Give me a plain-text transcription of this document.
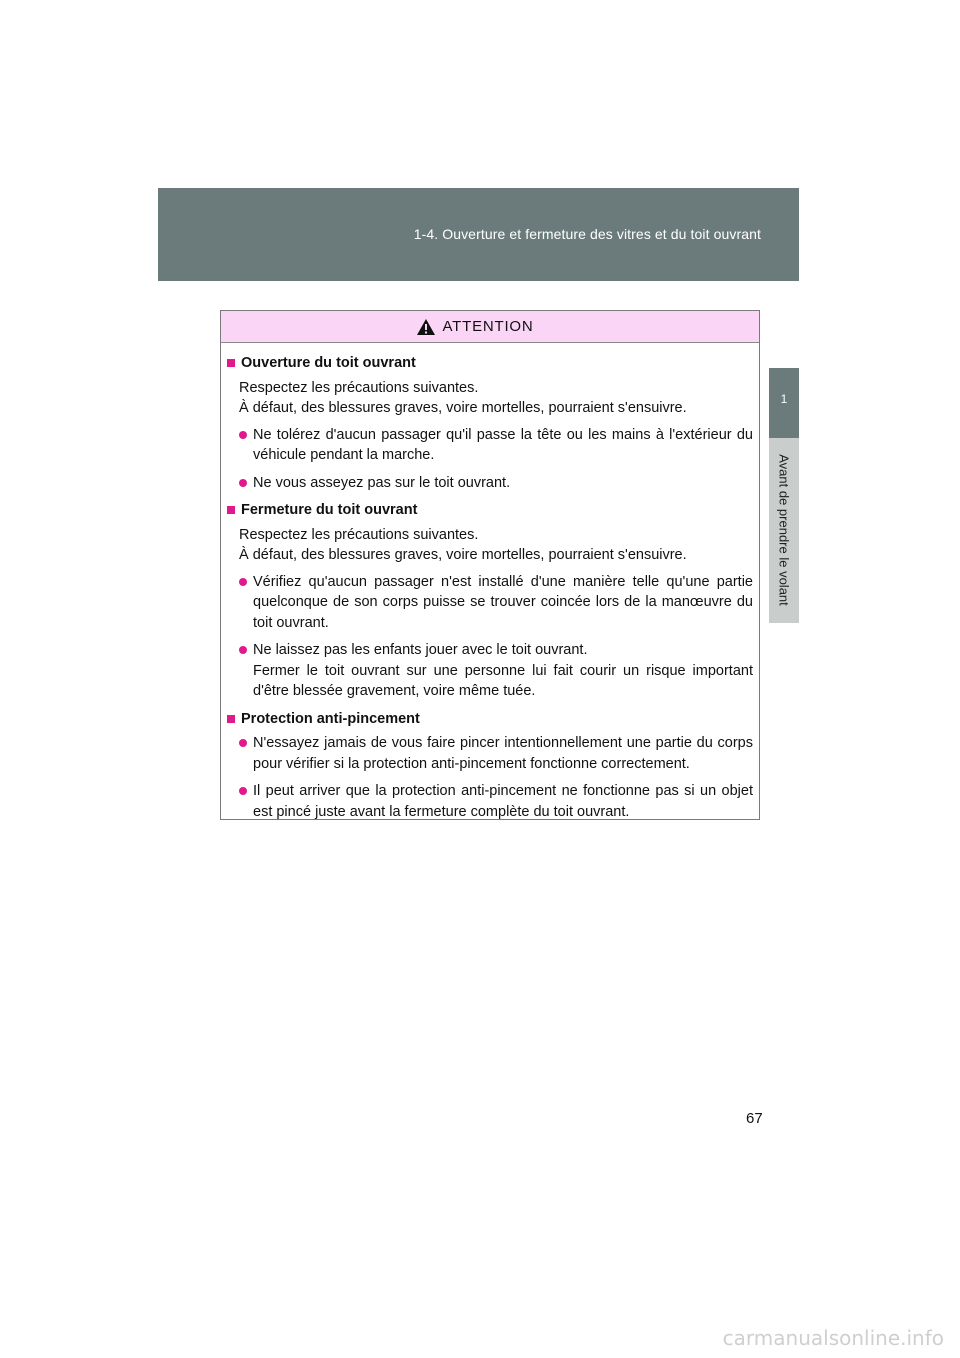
1-4. Ouverture et fermeture des vitres et du toit ouvrant
1
Avant de prendre le volant
ATTENTION
Ouverture du toit ouvrant
Respectez les précautions suivantes.
À défaut, des blessures graves, voire mortelles, pourraient s'ensuivre.
Ne tolérez d'aucun passager qu'il passe la tête ou les mains à l'extérieur du véhicule pendant la marche.
Ne vous asseyez pas sur le toit ouvrant.
Fermeture du toit ouvrant
Respectez les précautions suivantes.
À défaut, des blessures graves, voire mortelles, pourraient s'ensuivre.
Vérifiez qu'aucun passager n'est installé d'une manière telle qu'une partie quelconque de son corps puisse se trouver coincée lors de la manœuvre du toit ouvrant.
Ne laissez pas les enfants jouer avec le toit ouvrant.
Fermer le toit ouvrant sur une personne lui fait courir un risque important d'être blessée gravement, voire même tuée.
Protection anti-pincement
N'essayez jamais de vous faire pincer intentionnellement une partie du corps pour vérifier si la protection anti-pincement fonctionne correctement.
Il peut arriver que la protection anti-pincement ne fonctionne pas si un objet est pincé juste avant la fermeture complète du toit ouvrant.
67
carmanualsonline.info
